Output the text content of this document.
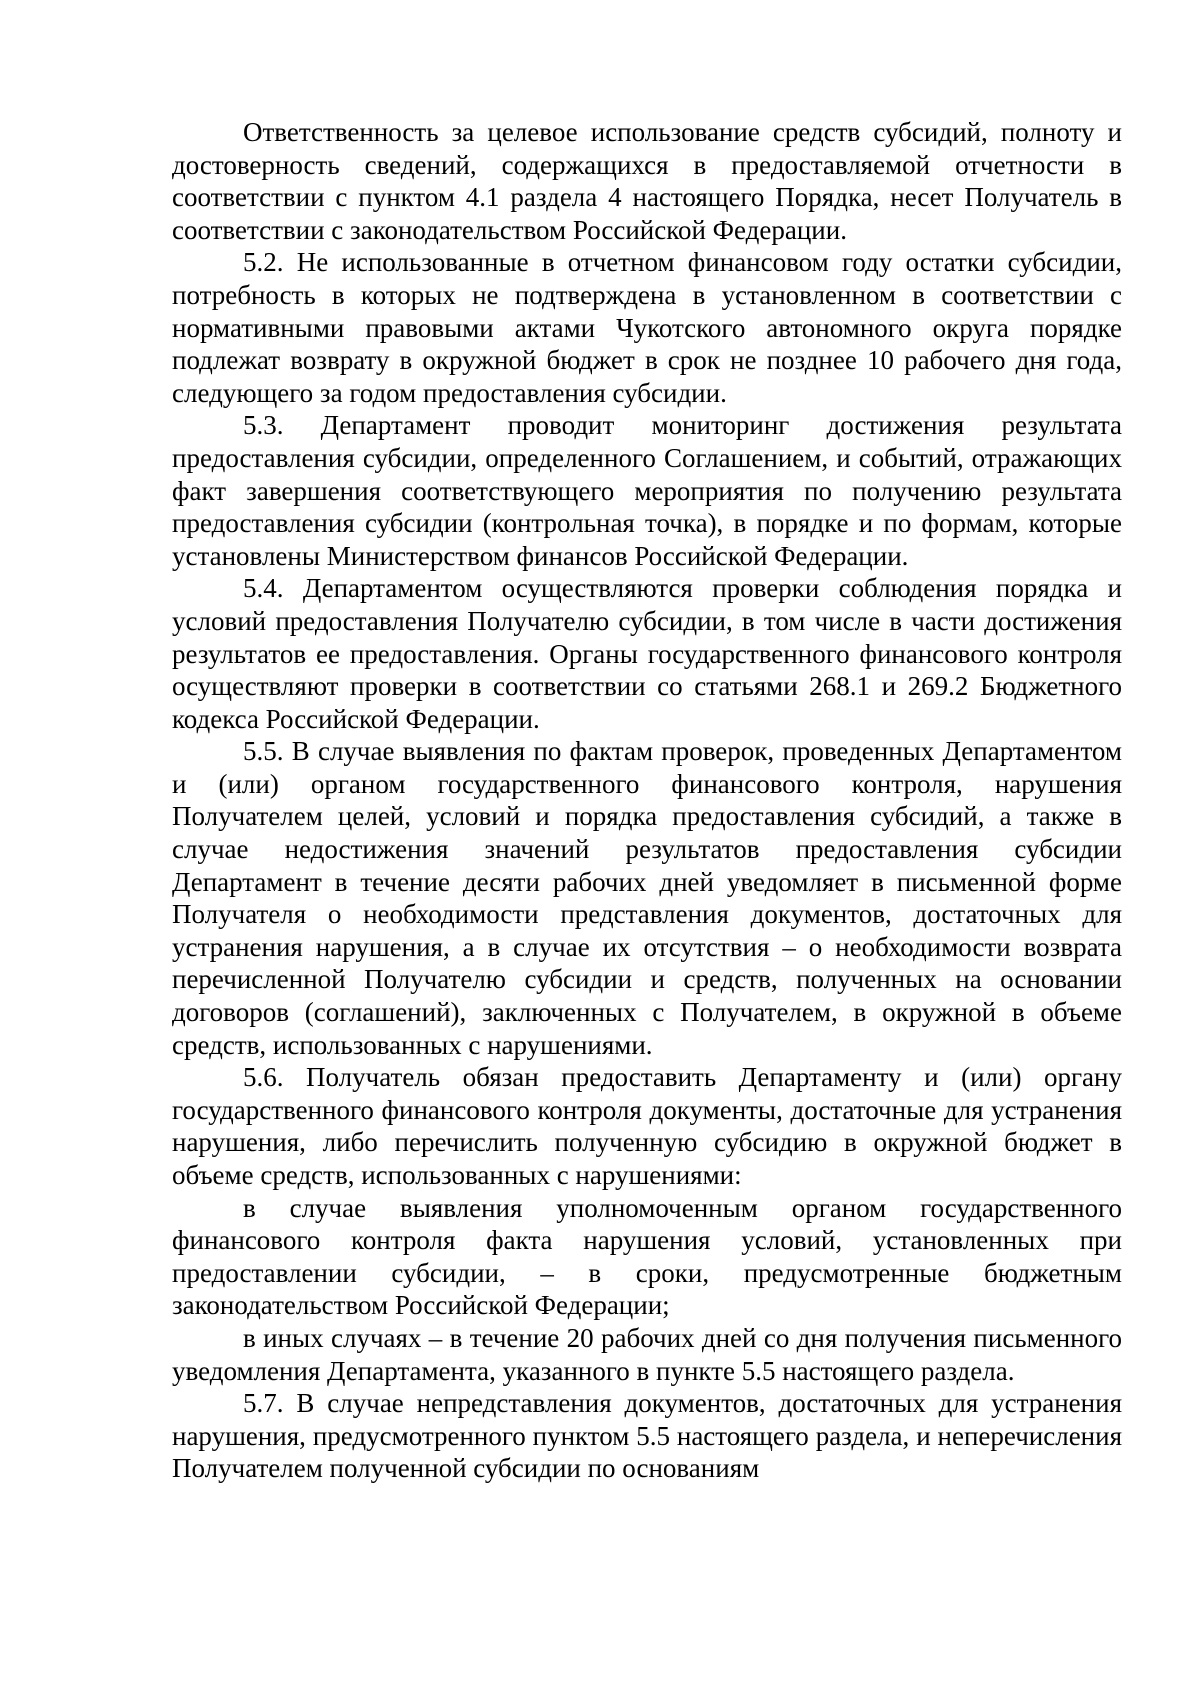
Ответственность за целевое использование средств субсидий, полноту и достоверность сведений, содержащихся в предоставляемой отчетности в соответствии с пунктом 4.1 раздела 4 настоящего Порядка, несет Получатель в соответствии с законодательством Российской Федерации.

5.2. Не использованные в отчетном финансовом году остатки субсидии, потребность в которых не подтверждена в установленном в соответствии с нормативными правовыми актами Чукотского автономного округа порядке подлежат возврату в окружной бюджет в срок не позднее 10 рабочего дня года, следующего за годом предоставления субсидии.

5.3. Департамент проводит мониторинг достижения результата предоставления субсидии, определенного Соглашением, и событий, отражающих факт завершения соответствующего мероприятия по получению результата предоставления субсидии (контрольная точка), в порядке и по формам, которые установлены Министерством финансов Российской Федерации.

5.4. Департаментом осуществляются проверки соблюдения порядка и условий предоставления Получателю субсидии, в том числе в части достижения результатов ее предоставления. Органы государственного финансового контроля осуществляют проверки в соответствии со статьями 268.1 и 269.2 Бюджетного кодекса Российской Федерации.

5.5. В случае выявления по фактам проверок, проведенных Департаментом и (или) органом государственного финансового контроля, нарушения Получателем целей, условий и порядка предоставления субсидий, а также в случае недостижения значений результатов предоставления субсидии Департамент в течение десяти рабочих дней уведомляет в письменной форме Получателя о необходимости представления документов, достаточных для устранения нарушения, а в случае их отсутствия – о необходимости возврата перечисленной Получателю субсидии и средств, полученных на основании договоров (соглашений), заключенных с Получателем, в окружной в объеме средств, использованных с нарушениями.

5.6. Получатель обязан предоставить Департаменту и (или) органу государственного финансового контроля документы, достаточные для устранения нарушения, либо перечислить полученную субсидию в окружной бюджет в объеме средств, использованных с нарушениями:

в случае выявления уполномоченным органом государственного финансового контроля факта нарушения условий, установленных при предоставлении субсидии, – в сроки, предусмотренные бюджетным законодательством Российской Федерации;

в иных случаях – в течение 20 рабочих дней со дня получения письменного уведомления Департамента, указанного в пункте 5.5 настоящего раздела.

5.7. В случае непредставления документов, достаточных для устранения нарушения, предусмотренного пунктом 5.5 настоящего раздела, и неперечисления Получателем полученной субсидии по основаниям
